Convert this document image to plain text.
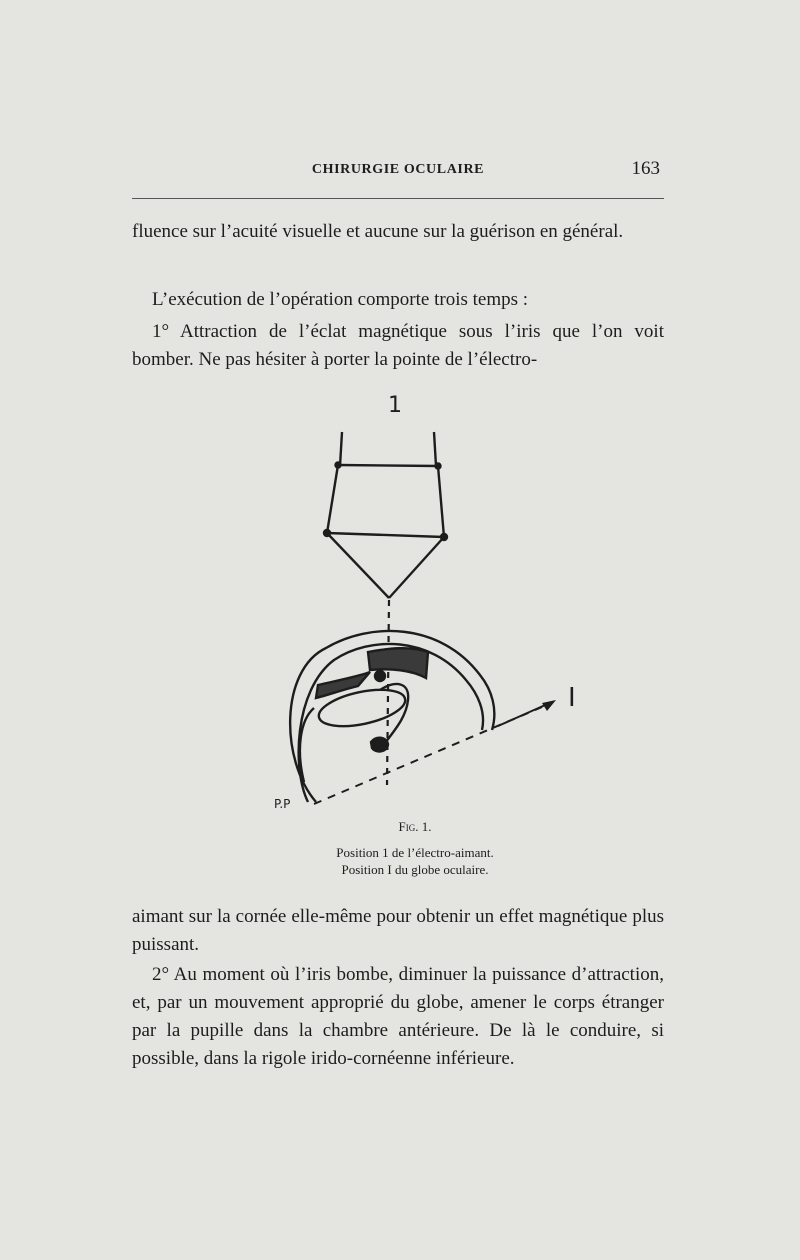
CHIRURGIE OCULAIRE	163
fluence sur l’acuité visuelle et aucune sur la guérison en général.
L’exécution de l’opération comporte trois temps :
1° Attraction de l’éclat magnétique sous l’iris que l’on voit bomber. Ne pas hésiter à porter la pointe de l’électro-
1
I
P.P
Fig. 1.
Position 1 de l’électro-aimant.
Position I du globe oculaire.
aimant sur la cornée elle-même pour obtenir un effet magnétique plus puissant.
2° Au moment où l’iris bombe, diminuer la puissance d’attraction, et, par un mouvement approprié du globe, amener le corps étranger par la pupille dans la chambre antérieure. De là le conduire, si possible, dans la rigole irido-cornéenne inférieure.
